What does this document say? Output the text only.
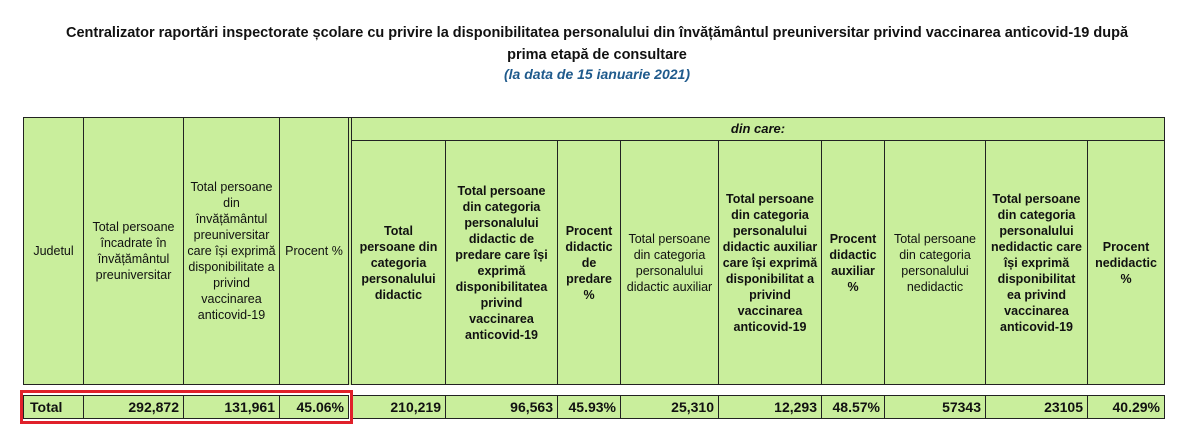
Centralizator raportări inspectorate școlare cu privire la disponibilitatea personalului din învățământul preuniversitar privind vaccinarea anticovid-19 după
prima etapă de consultare
(la data de 15 ianuarie 2021)
Judetul	Total persoane încadrate în învățământul preuniversitar	Total persoane din învățământul preuniversitar care își exprimă disponibilitate a privind vaccinarea anticovid-19	Procent %		din care:								
					Total persoane din categoria personalului didactic	Total persoane din categoria personalului didactic de predare care își exprimă disponibilitatea privind vaccinarea anticovid-19	Procent didactic de predare %	Total persoane din categoria personalului didactic auxiliar	Total persoane din categoria personalului didactic auxiliar care își exprimă disponibilitat a privind vaccinarea anticovid-19	Procent didactic auxiliar %	Total persoane din categoria personalului nedidactic	Total persoane din categoria personalului nedidactic care își exprimă disponibilitat ea privind vaccinarea anticovid-19	Procent nedidactic %
Total	292,872	131,961	45.06%		210,219	96,563	45.93%	25,310	12,293	48.57%	57343	23105	40.29%
